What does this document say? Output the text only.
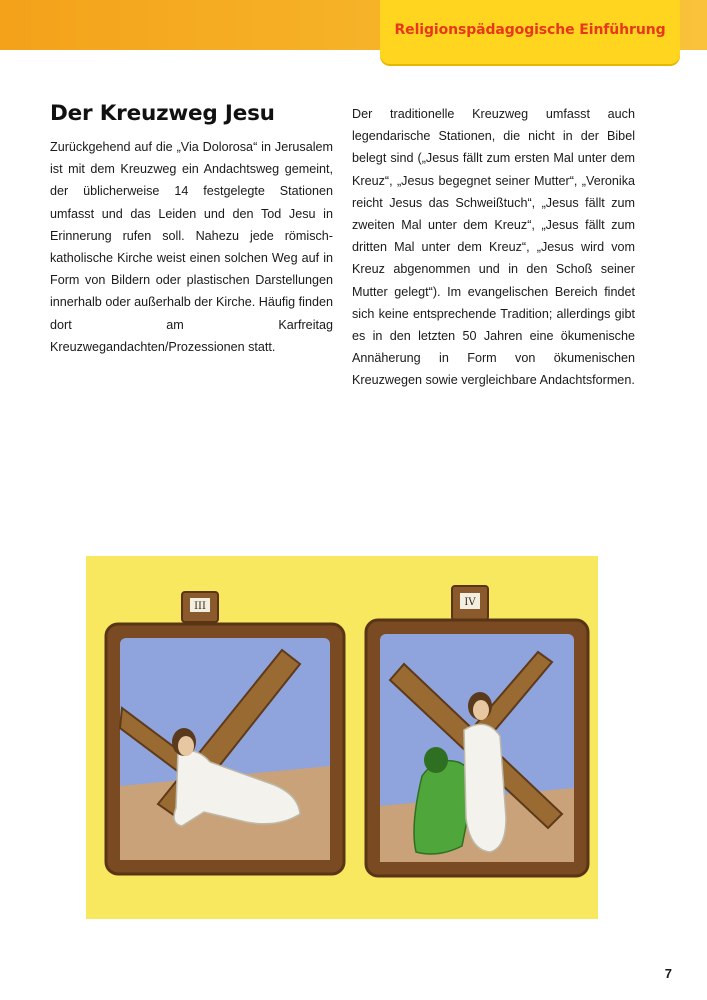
Religionspädagogische Einführung
Der Kreuzweg Jesu

Zurückgehend auf die „Via Dolorosa“ in Jerusalem ist mit dem Kreuzweg ein Andachtsweg gemeint, der üblicherweise 14 festgelegte Stationen umfasst und das Leiden und den Tod Jesu in Erinnerung rufen soll. Nahezu jede römisch-katholische Kirche weist einen solchen Weg auf in Form von Bildern oder plastischen Darstellungen innerhalb oder außerhalb der Kirche. Häufig finden dort am Karfreitag Kreuzwegandachten/Prozessionen statt.

Der traditionelle Kreuzweg umfasst auch legendarische Stationen, die nicht in der Bibel belegt sind („Jesus fällt zum ersten Mal unter dem Kreuz“, „Jesus begegnet seiner Mutter“, „Veronika reicht Jesus das Schweißtuch“, „Jesus fällt zum zweiten Mal unter dem Kreuz“, „Jesus fällt zum dritten Mal unter dem Kreuz“, „Jesus wird vom Kreuz abgenommen und in den Schoß seiner Mutter gelegt“). Im evangelischen Bereich findet sich keine entsprechende Tradition; allerdings gibt es in den letzten 50 Jahren eine ökumenische Annäherung in Form von ökumenischen Kreuzwegen sowie vergleichbare Andachtsformen.

III	IV
7
